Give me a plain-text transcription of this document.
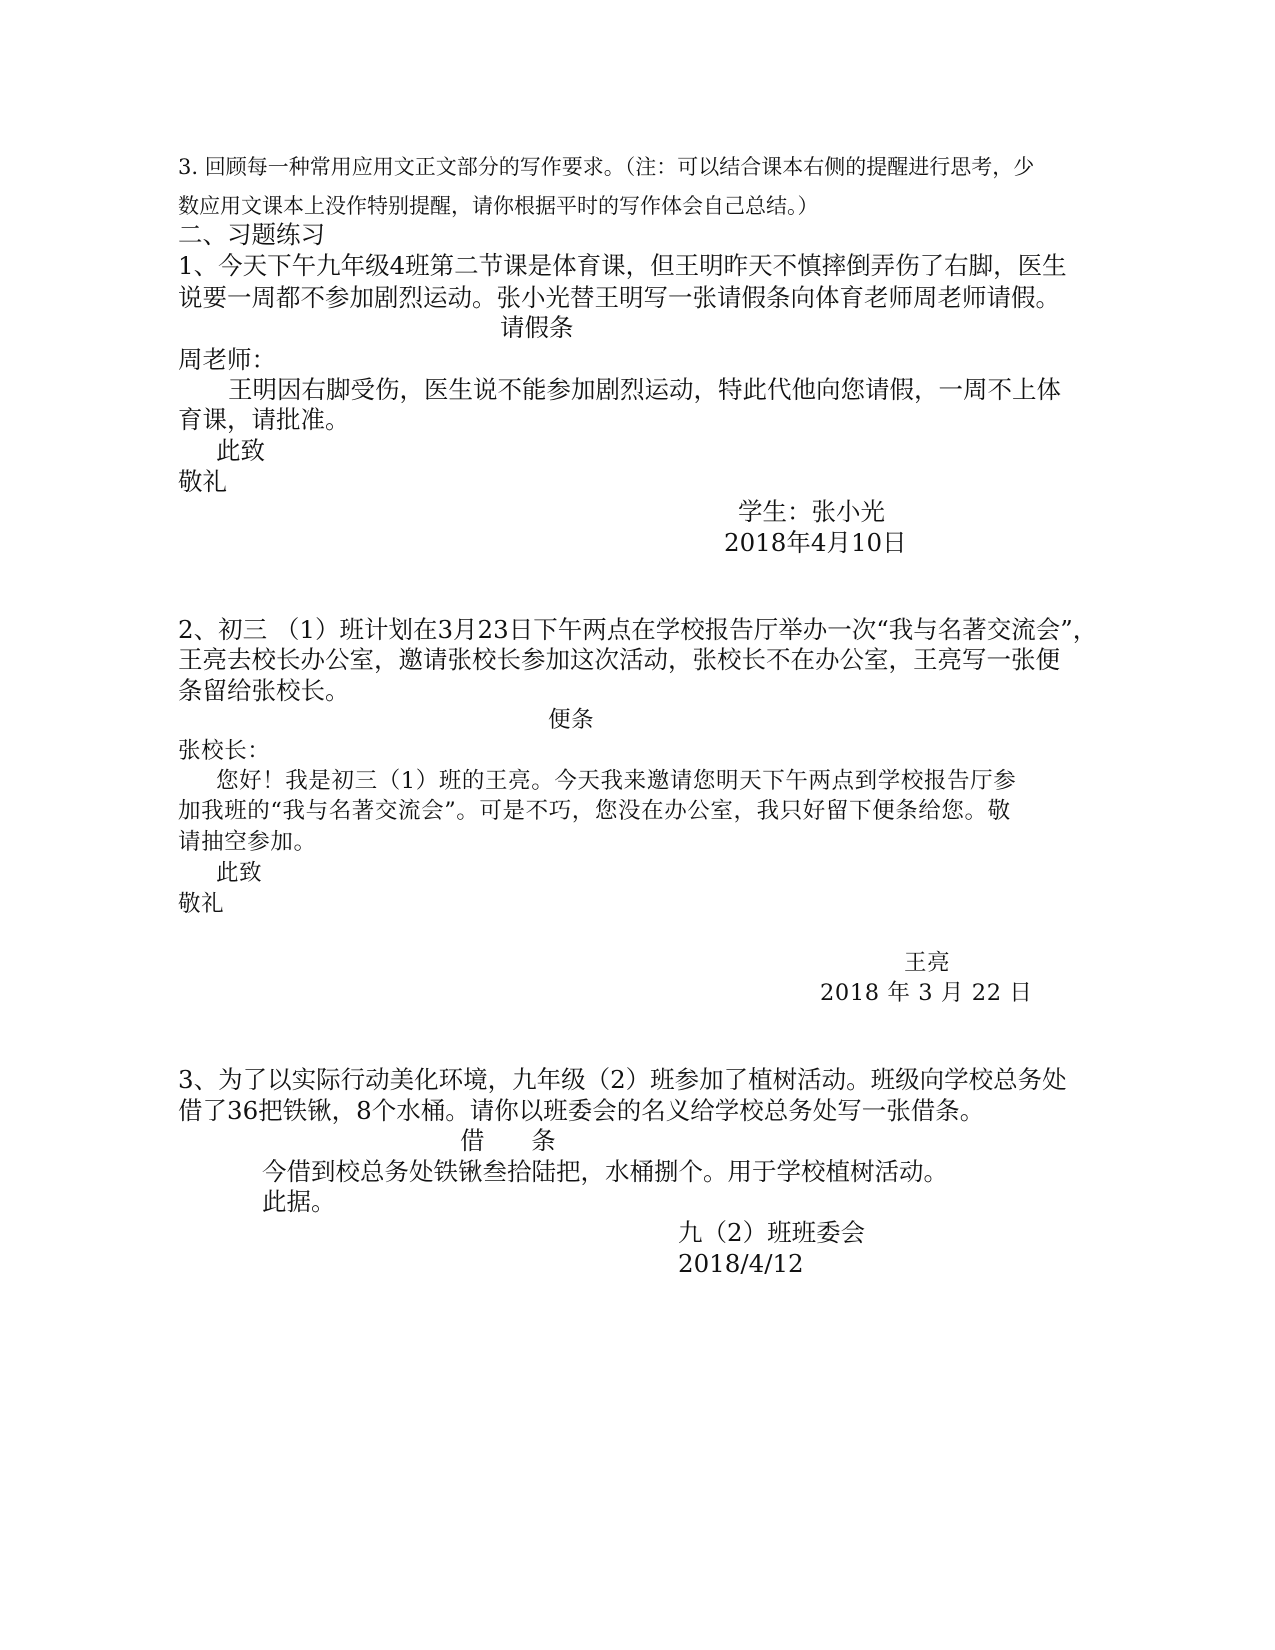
3. 回顾每一种常用应用文正文部分的写作要求。（注：可以结合课本右侧的提醒进行思考，少
数应用文课本上没作特别提醒，请你根据平时的写作体会自己总结。）
二、习题练习
1、今天下午九年级4班第二节课是体育课，但王明昨天不慎摔倒弄伤了右脚，医生
说要一周都不参加剧烈运动。张小光替王明写一张请假条向体育老师周老师请假。
请假条
周老师：
王明因右脚受伤，医生说不能参加剧烈运动，特此代他向您请假，一周不上体
育课，请批准。
此致
敬礼
学生：张小光
2018年4月10日
2、初三 （1）班计划在3月23日下午两点在学校报告厅举办一次“我与名著交流会”，
王亮去校长办公室，邀请张校长参加这次活动，张校长不在办公室，王亮写一张便
条留给张校长。
便条
张校长：
您好！我是初三（1）班的王亮。今天我来邀请您明天下午两点到学校报告厅参
加我班的“我与名著交流会”。可是不巧，您没在办公室，我只好留下便条给您。敬
请抽空参加。
此致
敬礼
王亮
2018 年 3 月 22 日
3、为了以实际行动美化环境，九年级（2）班参加了植树活动。班级向学校总务处
借了36把铁锹，8个水桶。请你以班委会的名义给学校总务处写一张借条。
借      条
今借到校总务处铁锹叁拾陆把，水桶捌个。用于学校植树活动。
此据。
九（2）班班委会
2018/4/12
